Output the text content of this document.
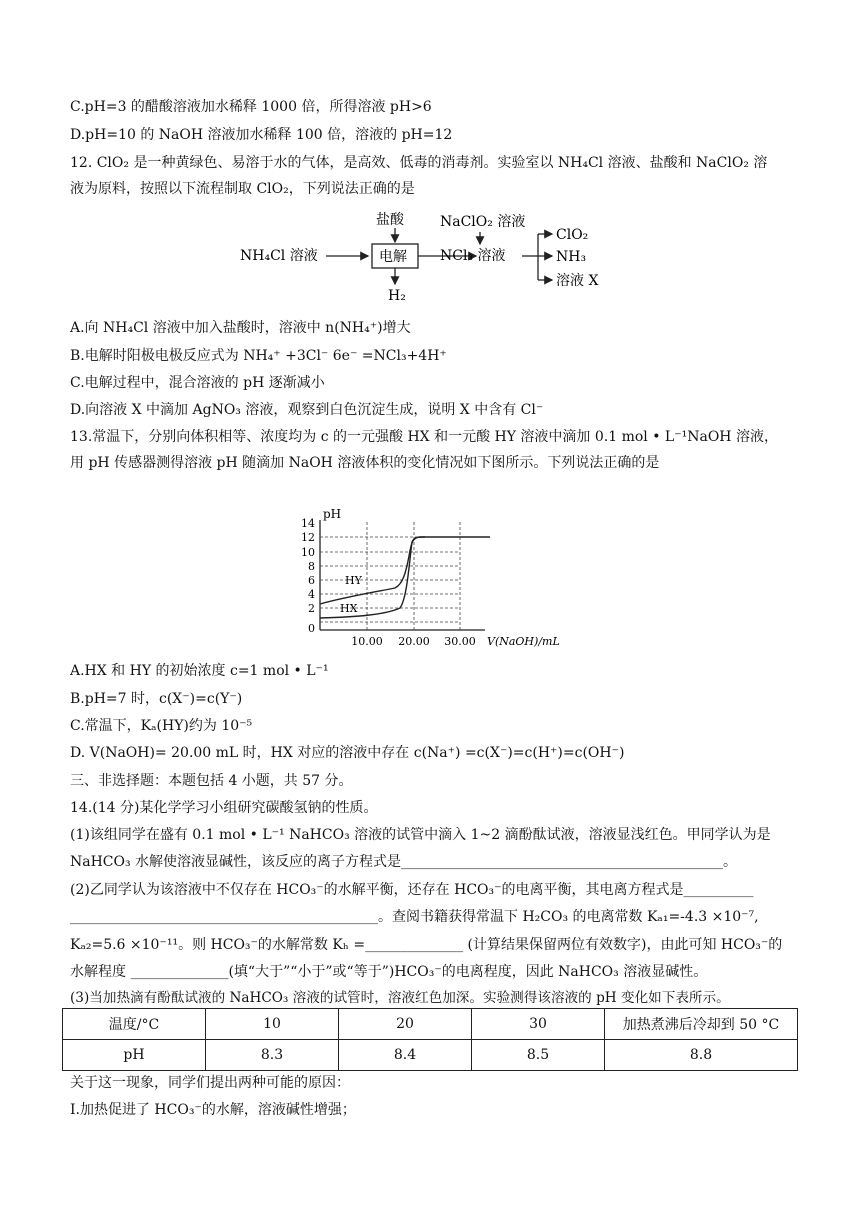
C.pH=3 的醋酸溶液加水稀释 1000 倍，所得溶液 pH>6
D.pH=10 的 NaOH 溶液加水稀释 100 倍，溶液的 pH=12
12. ClO₂ 是一种黄绿色、易溶于水的气体，是高效、低毒的消毒剂。实验室以 NH₄Cl 溶液、盐酸和 NaClO₂ 溶
液为原料，按照以下流程制取 ClO₂，下列说法正确的是
NH₄Cl 溶液
盐酸
电解
H₂
NaClO₂ 溶液
NCl₃ 溶液
ClO₂
NH₃
溶液 X
A.向 NH₄Cl 溶液中加入盐酸时，溶液中 n(NH₄⁺)增大
B.电解时阳极电极反应式为 NH₄⁺ +3Cl⁻ 6e⁻ =NCl₃+4H⁺
C.电解过程中，混合溶液的 pH 逐渐减小
D.向溶液 X 中滴加 AgNO₃ 溶液，观察到白色沉淀生成，说明 X 中含有 Cl⁻
13.常温下，分别向体积相等、浓度均为 c 的一元强酸 HX 和一元酸 HY 溶液中滴加 0.1 mol • L⁻¹NaOH 溶液，
用 pH 传感器测得溶液 pH 随滴加 NaOH 溶液体积的变化情况如下图所示。下列说法正确的是
pH
14
12
10
8
6
4
2
0
10.00 20.00 30.00 V(NaOH)/mL
HY
HX
A.HX 和 HY 的初始浓度 c=1 mol • L⁻¹
B.pH=7 时，c(X⁻)=c(Y⁻)
C.常温下，Kₐ(HY)约为 10⁻⁵
D. V(NaOH)= 20.00 mL 时，HX 对应的溶液中存在 c(Na⁺) =c(X⁻)=c(H⁺)=c(OH⁻)
三、非选择题：本题包括 4 小题，共 57 分。
14.(14 分)某化学学习小组研究碳酸氢钠的性质。
(1)该组同学在盛有 0.1 mol • L⁻¹ NaHCO₃ 溶液的试管中滴入 1~2 滴酚酞试液，溶液显浅红色。甲同学认为是
NaHCO₃ 水解使溶液显碱性，该反应的离子方程式是______________________________________________。
(2)乙同学认为该溶液中不仅存在 HCO₃⁻的水解平衡，还存在 HCO₃⁻的电离平衡，其电离方程式是__________
____________________________________________。查阅书籍获得常温下 H₂CO₃ 的电离常数 Kₐ₁=-4.3 ×10⁻⁷,
Kₐ₂=5.6 ×10⁻¹¹。则 HCO₃⁻的水解常数 Kₕ =______________ (计算结果保留两位有效数字)，由此可知 HCO₃⁻的
水解程度 ______________(填“大于”“小于”或“等于”)HCO₃⁻的电离程度，因此 NaHCO₃ 溶液显碱性。
(3)当加热滴有酚酞试液的 NaHCO₃ 溶液的试管时，溶液红色加深。实验测得该溶液的 pH 变化如下表所示。
温度/°C	10	20	30	加热煮沸后冷却到 50 °C
pH	8.3	8.4	8.5	8.8
关于这一现象，同学们提出两种可能的原因：
I.加热促进了 HCO₃⁻的水解，溶液碱性增强；
